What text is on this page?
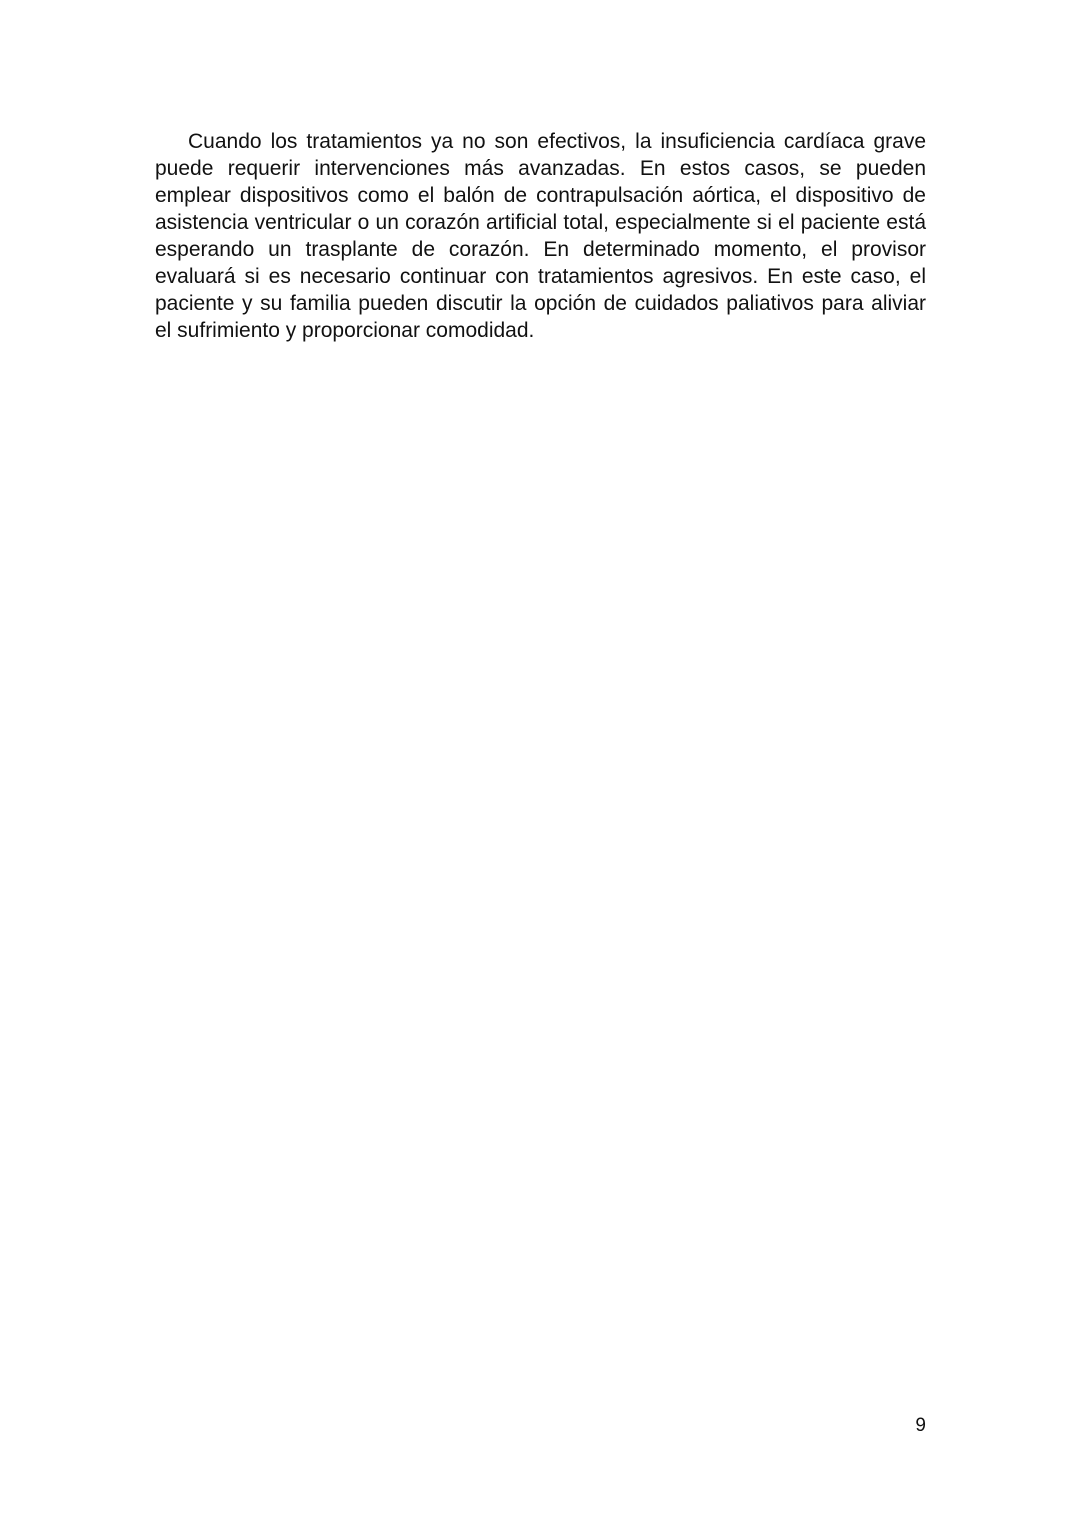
Cuando los tratamientos ya no son efectivos, la insuficiencia cardíaca grave puede requerir intervenciones más avanzadas. En estos casos, se pueden emplear dispositivos como el balón de contrapulsación aórtica, el dispositivo de asistencia ventricular o un corazón artificial total, especialmente si el paciente está esperando un trasplante de corazón. En determinado momento, el provisor evaluará si es necesario continuar con tratamientos agresivos. En este caso, el paciente y su familia pueden discutir la opción de cuidados paliativos para aliviar el sufrimiento y proporcionar comodidad.

9
